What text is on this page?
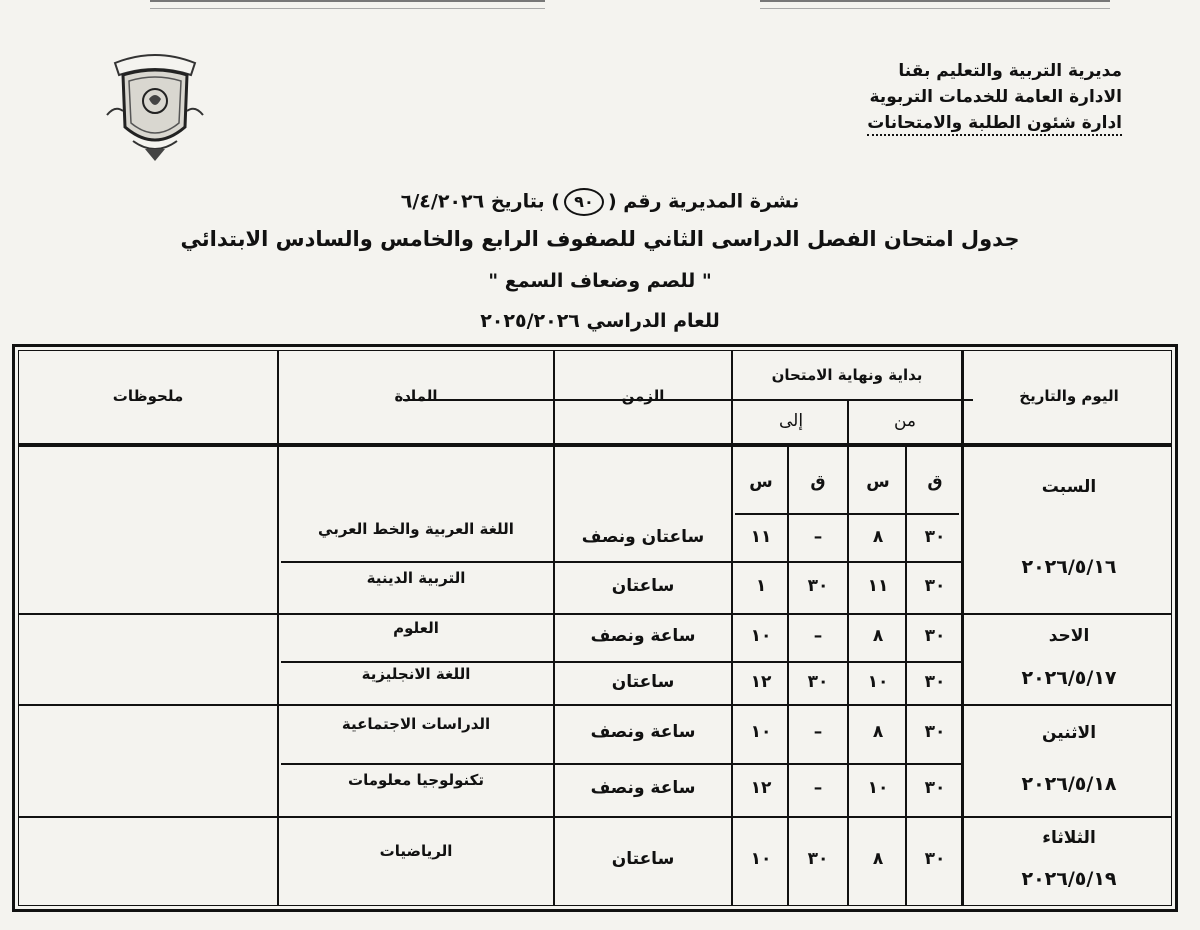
مديرية التربية والتعليم بقنا
الادارة العامة للخدمات التربوية
ادارة شئون الطلبة والامتحانات
نشرة المديرية رقم (٩٠) بتاريخ ٦/٤/٢٠٢٦
جدول امتحان الفصل الدراسى الثاني للصفوف الرابع والخامس والسادس الابتدائي
" للصم وضعاف السمع "
للعام الدراسي ٢٠٢٥/٢٠٢٦
اليوم والتاريخ
بداية ونهاية الامتحان
من
إلى
الزمن
المادة
ملحوظات
ق
س
ق
س	السبت
٢٠٢٦/٥/١٦
٣٠
٨
–
١١
ساعتان ونصف
اللغة العربية والخط العربي
٣٠
١١
٣٠
١
ساعتان
التربية الدينية
الاحد
٢٠٢٦/٥/١٧
٣٠
٨
–
١٠
ساعة ونصف
العلوم
٣٠
١٠
٣٠
١٢
ساعتان
اللغة الانجليزية
الاثنين
٢٠٢٦/٥/١٨
٣٠
٨
–
١٠
ساعة ونصف
الدراسات الاجتماعية
٣٠
١٠
–
١٢
ساعة ونصف
تكنولوجيا معلومات
الثلاثاء
٢٠٢٦/٥/١٩
٣٠
٨
٣٠
١٠
ساعتان
الرياضيات
